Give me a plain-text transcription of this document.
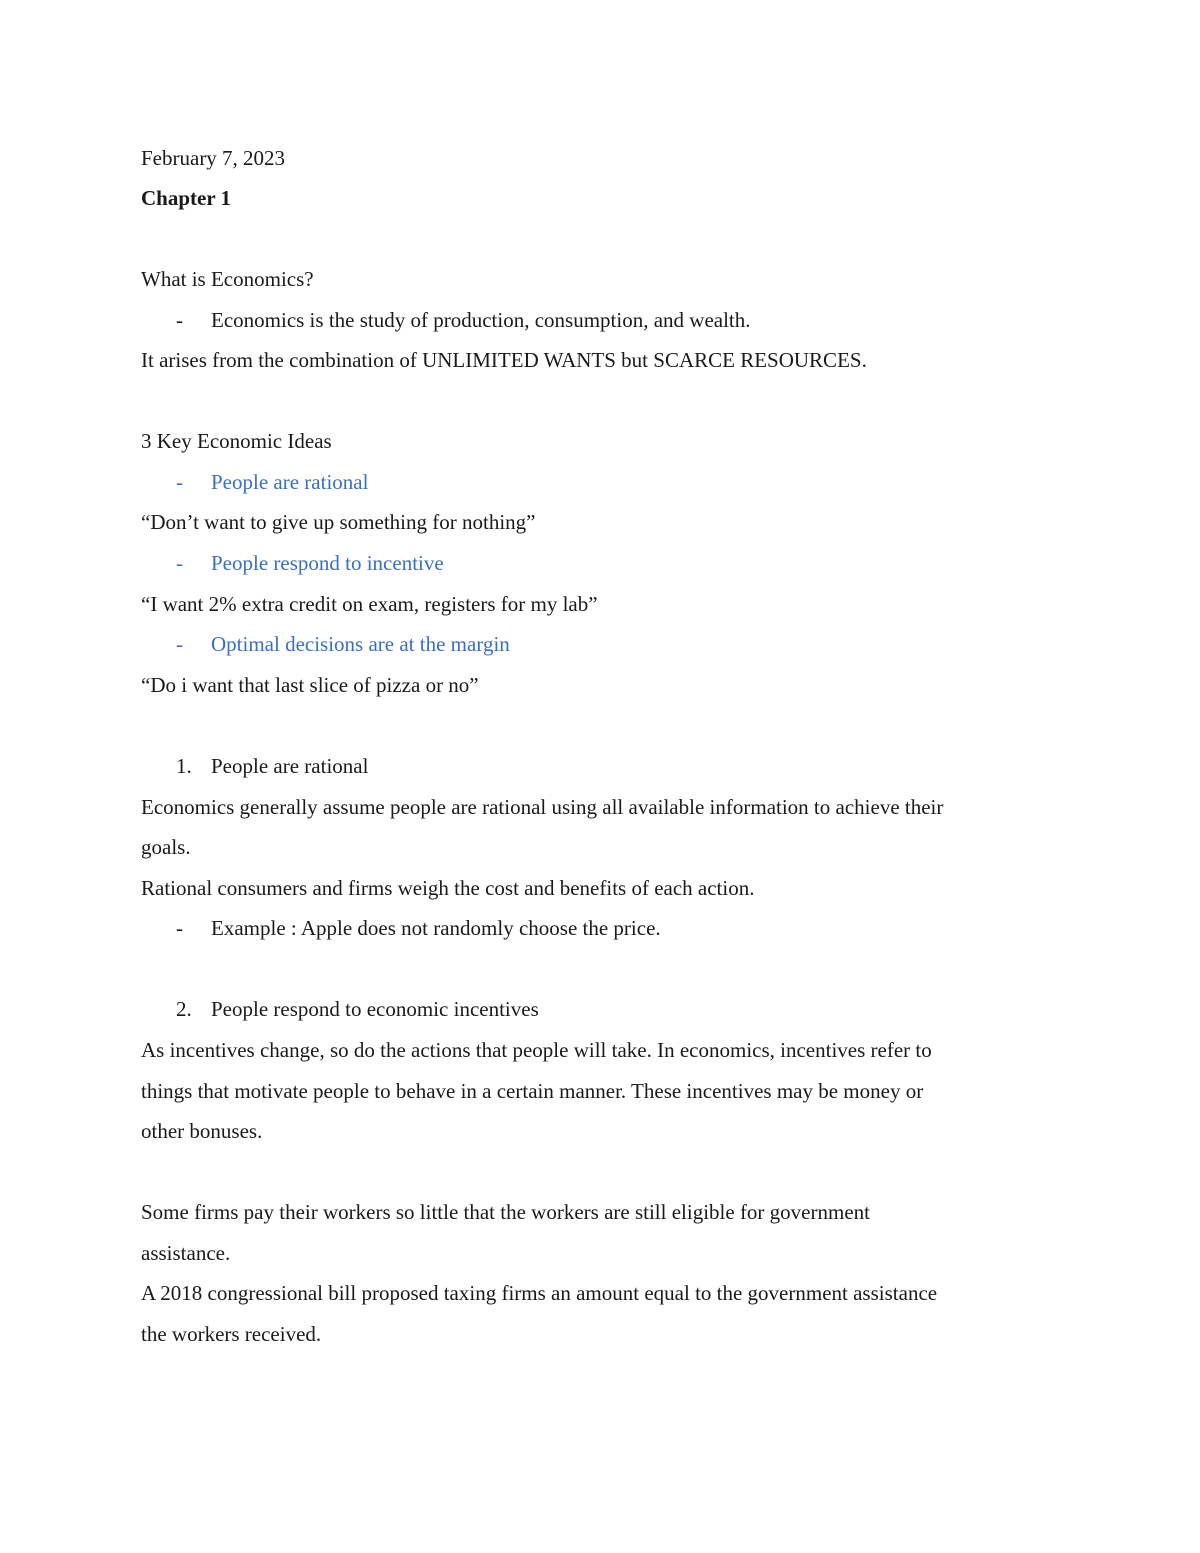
February 7, 2023
Chapter 1
What is Economics?
- Economics is the study of production, consumption, and wealth.
It arises from the combination of UNLIMITED WANTS but SCARCE RESOURCES.
3 Key Economic Ideas
- People are rational
“Don’t want to give up something for nothing”
- People respond to incentive
“I want 2% extra credit on exam, registers for my lab”
- Optimal decisions are at the margin
“Do i want that last slice of pizza or no”
1. People are rational
Economics generally assume people are rational using all available information to achieve their
goals.
Rational consumers and firms weigh the cost and benefits of each action.
- Example : Apple does not randomly choose the price.
2. People respond to economic incentives
As incentives change, so do the actions that people will take. In economics, incentives refer to
things that motivate people to behave in a certain manner. These incentives may be money or
other bonuses.
Some firms pay their workers so little that the workers are still eligible for government
assistance.
A 2018 congressional bill proposed taxing firms an amount equal to the government assistance
the workers received.
